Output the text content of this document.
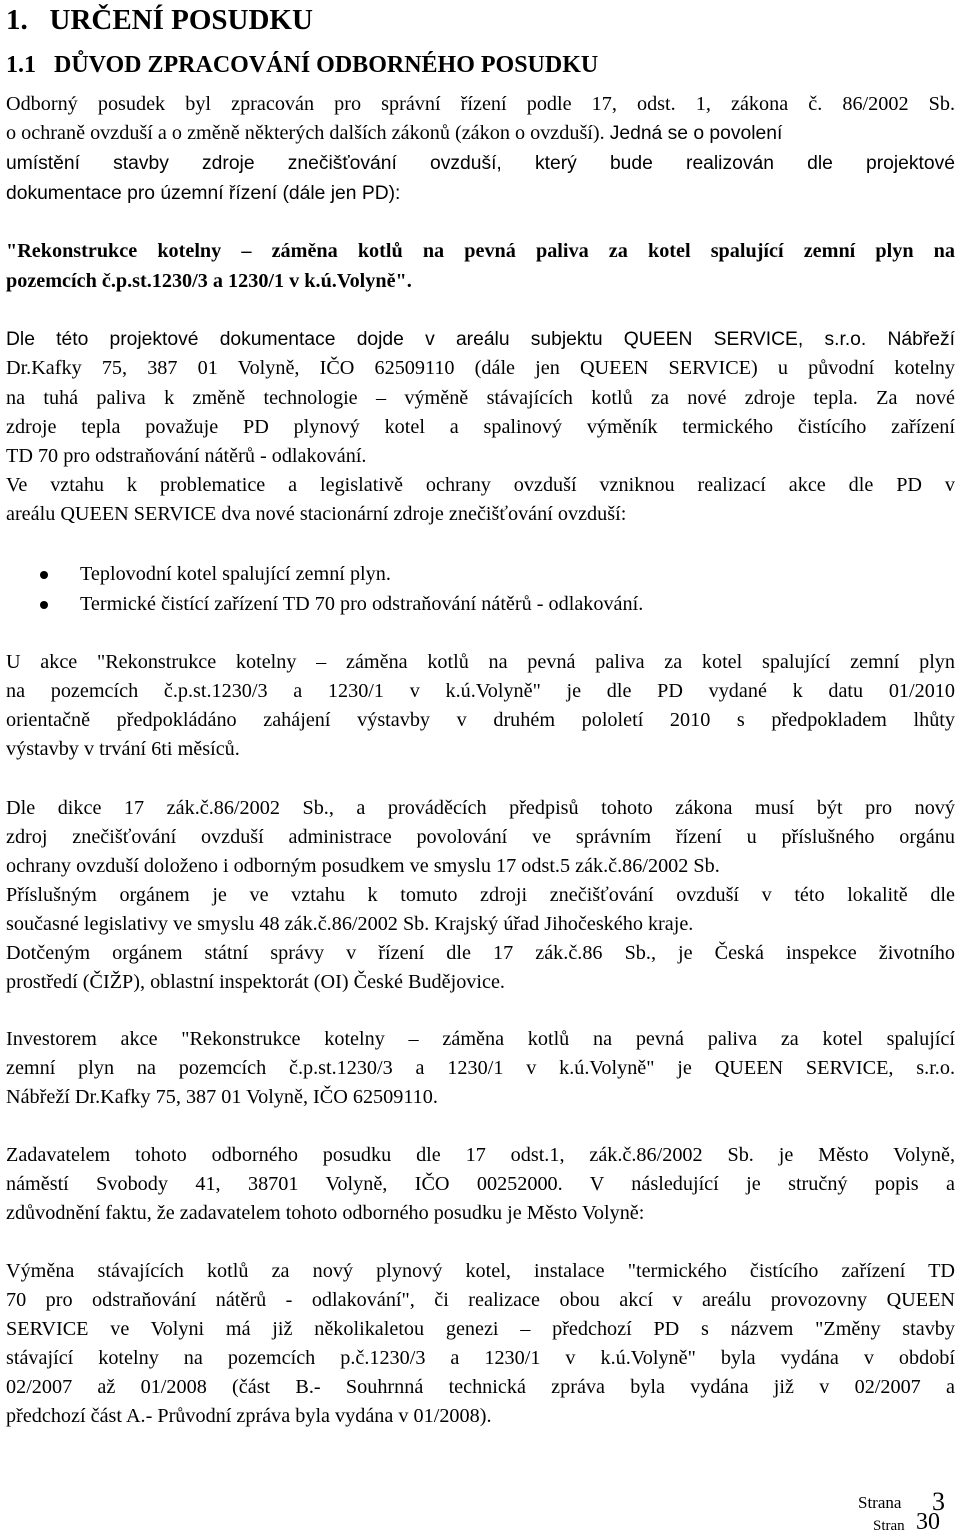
1. URČENÍ POSUDKU
1.1 DŮVOD ZPRACOVÁNÍ ODBORNÉHO POSUDKU
Odborný posudek byl zpracován pro správní řízení podle 17, odst. 1, zákona č. 86/2002 Sb.
o ochraně ovzduší a o změně některých dalších zákonů (zákon o ovzduší). Jedná se o povolení
umístění stavby zdroje znečišťování ovzduší, který bude realizován dle projektové
dokumentace pro územní řízení (dále jen PD):
"Rekonstrukce kotelny – záměna kotlů na pevná paliva za kotel spalující zemní plyn na
pozemcích č.p.st.1230/3 a 1230/1 v k.ú.Volyně".
Dle této projektové dokumentace dojde v areálu subjektu QUEEN SERVICE, s.r.o. Nábřeží
Dr.Kafky 75, 387 01 Volyně, IČO 62509110 (dále jen QUEEN SERVICE) u původní kotelny
na tuhá paliva k změně technologie – výměně stávajících kotlů za nové zdroje tepla. Za nové
zdroje tepla považuje PD plynový kotel a spalinový výměník termického čistícího zařízení
TD 70 pro odstraňování nátěrů - odlakování.
Ve vztahu k problematice a legislativě ochrany ovzduší vzniknou realizací akce dle PD v
areálu QUEEN SERVICE dva nové stacionární zdroje znečišťování ovzduší:
Teplovodní kotel spalující zemní plyn.
Termické čistící zařízení TD 70 pro odstraňování nátěrů - odlakování.
U akce "Rekonstrukce kotelny – záměna kotlů na pevná paliva za kotel spalující zemní plyn
na pozemcích č.p.st.1230/3 a 1230/1 v k.ú.Volyně" je dle PD vydané k datu 01/2010
orientačně předpokládáno zahájení výstavby v druhém pololetí 2010 s předpokladem lhůty
výstavby v trvání 6ti měsíců.
Dle dikce 17 zák.č.86/2002 Sb., a prováděcích předpisů tohoto zákona musí být pro nový
zdroj znečišťování ovzduší administrace povolování ve správním řízení u příslušného orgánu
ochrany ovzduší doloženo i odborným posudkem ve smyslu 17 odst.5 zák.č.86/2002 Sb.
Příslušným orgánem je ve vztahu k tomuto zdroji znečišťování ovzduší v této lokalitě dle
současné legislativy ve smyslu 48 zák.č.86/2002 Sb. Krajský úřad Jihočeského kraje.
Dotčeným orgánem státní správy v řízení dle 17 zák.č.86 Sb., je Česká inspekce životního
prostředí (ČIŽP), oblastní inspektorát (OI) České Budějovice.
Investorem akce "Rekonstrukce kotelny – záměna kotlů na pevná paliva za kotel spalující
zemní plyn na pozemcích č.p.st.1230/3 a 1230/1 v k.ú.Volyně" je QUEEN SERVICE, s.r.o.
Nábřeží Dr.Kafky 75, 387 01 Volyně, IČO 62509110.
Zadavatelem tohoto odborného posudku dle 17 odst.1, zák.č.86/2002 Sb. je Město Volyně,
náměstí Svobody 41, 38701 Volyně, IČO 00252000. V následující je stručný popis a
zdůvodnění faktu, že zadavatelem tohoto odborného posudku je Město Volyně:
Výměna stávajících kotlů za nový plynový kotel, instalace "termického čistícího zařízení TD
70 pro odstraňování nátěrů - odlakování", či realizace obou akcí v areálu provozovny QUEEN
SERVICE ve Volyni má již několikaletou genezi – předchozí PD s názvem "Změny stavby
stávající kotelny na pozemcích p.č.1230/3 a 1230/1 v k.ú.Volyně" byla vydána v období
02/2007 až 01/2008 (část B.- Souhrnná technická zpráva byla vydána již v 02/2007 a
předchozí část A.- Průvodní zpráva byla vydána v 01/2008).
Strana 3
Stran 30
